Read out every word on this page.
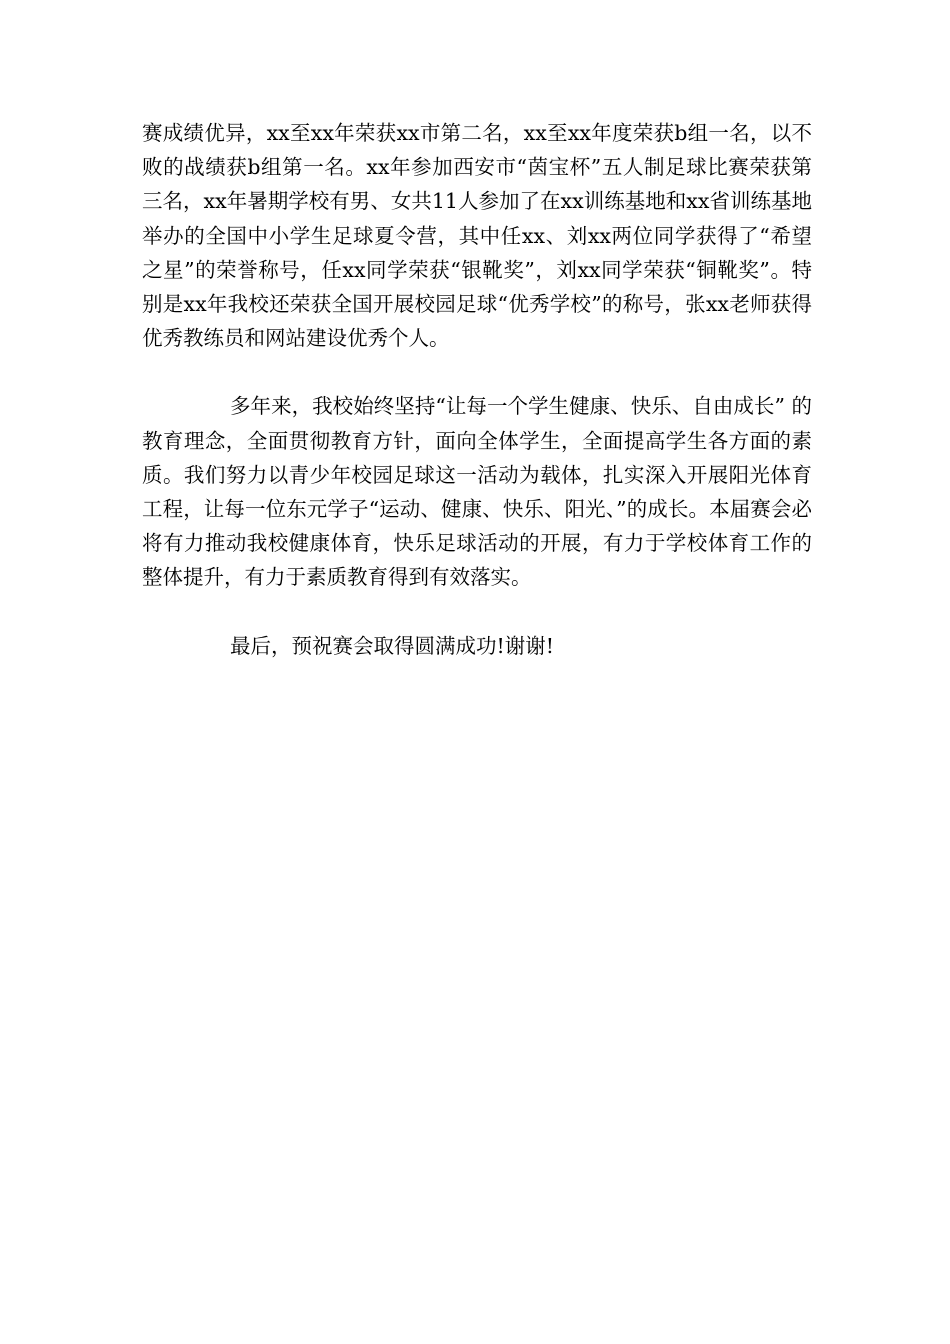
赛成绩优异，xx至xx年荣获xx市第二名，xx至xx年度荣获b组一名，以不败的战绩获b组第一名。xx年参加西安市“茵宝杯”五人制足球比赛荣获第三名，xx年暑期学校有男、女共11人参加了在xx训练基地和xx省训练基地举办的全国中小学生足球夏令营，其中任xx、刘xx两位同学获得了“希望之星”的荣誉称号，任xx同学荣获“银靴奖”，刘xx同学荣获“铜靴奖”。特别是xx年我校还荣获全国开展校园足球“优秀学校”的称号，张xx老师获得优秀教练员和网站建设优秀个人。

多年来，我校始终坚持“让每一个学生健康、快乐、自由成长” 的教育理念，全面贯彻教育方针，面向全体学生，全面提高学生各方面的素质。我们努力以青少年校园足球这一活动为载体，扎实深入开展阳光体育工程，让每一位东元学子“运动、健康、快乐、阳光、”的成长。本届赛会必将有力推动我校健康体育，快乐足球活动的开展，有力于学校体育工作的整体提升，有力于素质教育得到有效落实。

最后，预祝赛会取得圆满成功!谢谢!
